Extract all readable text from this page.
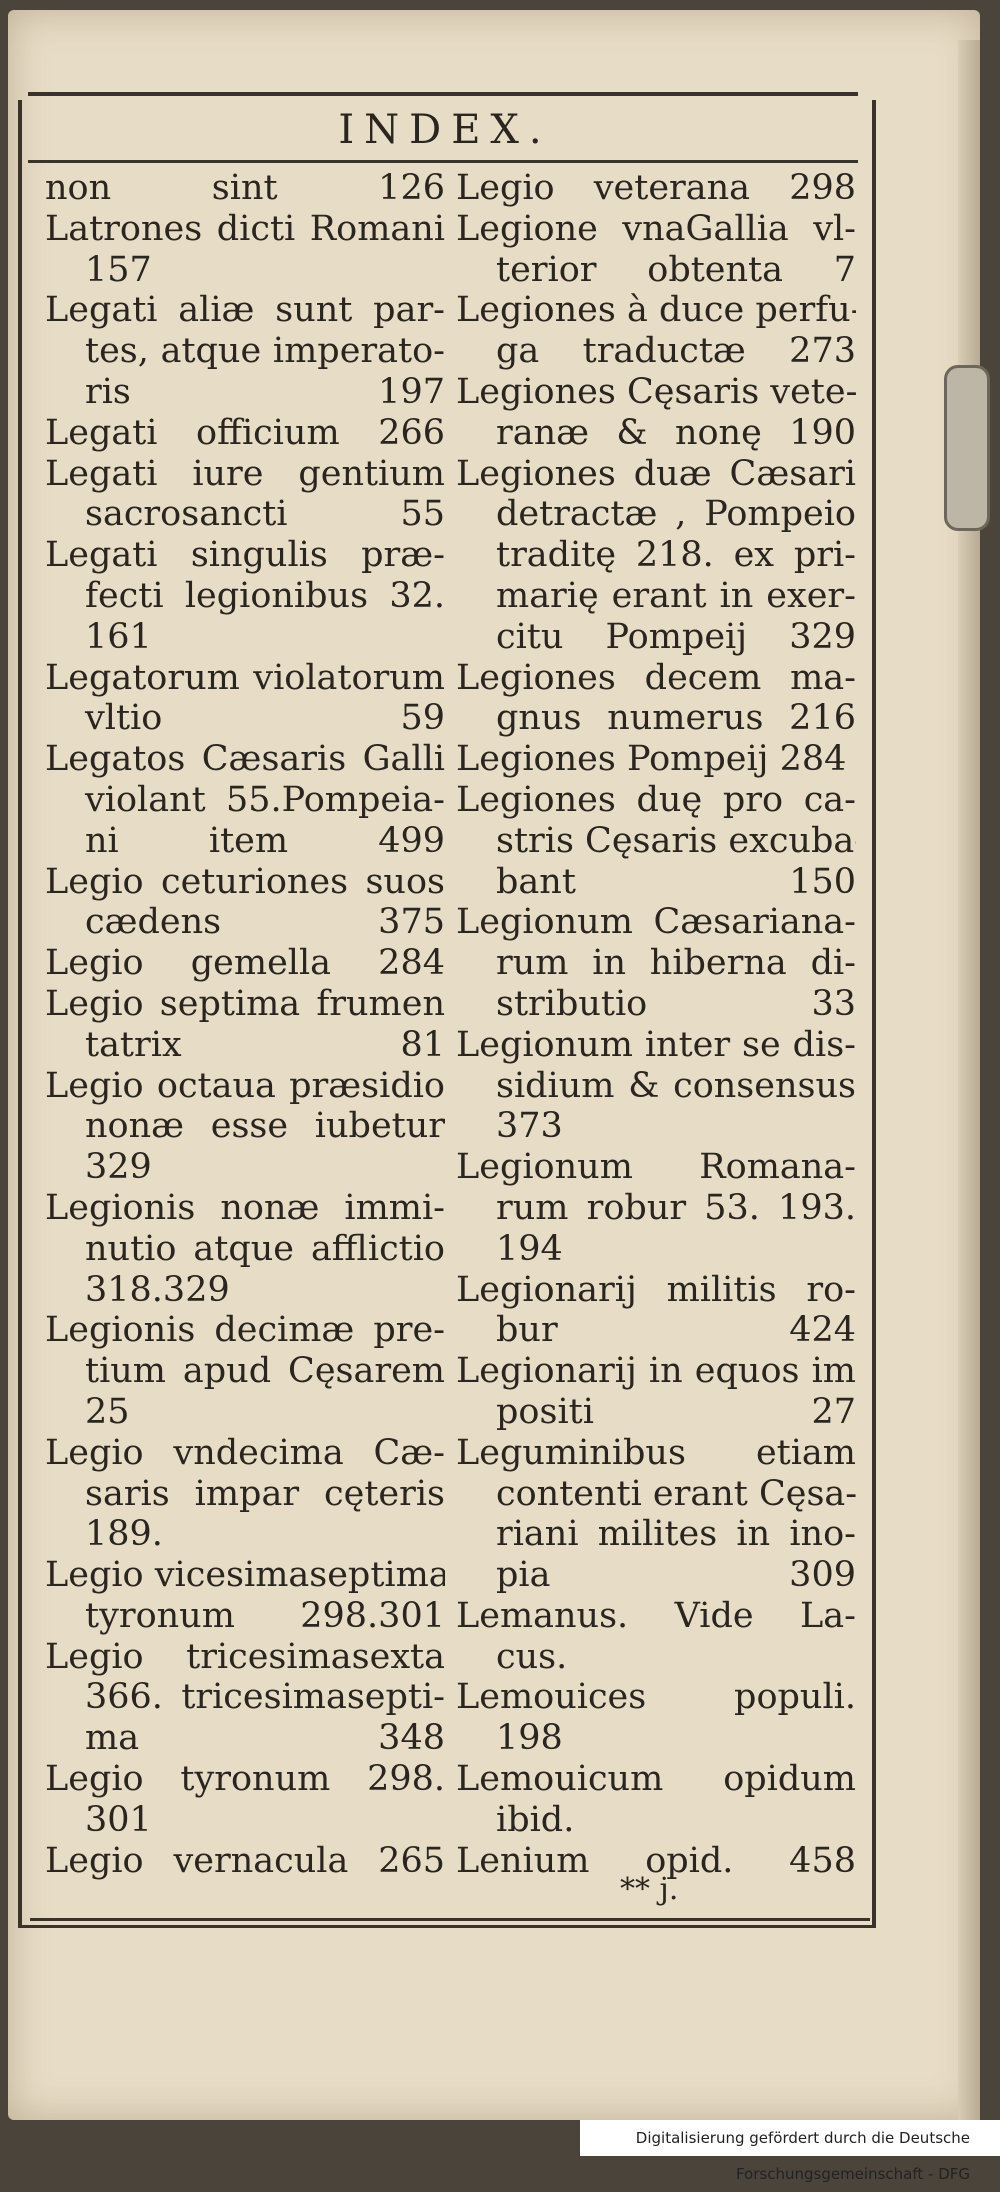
INDEX.
non sint 126
Latrones dicti Romani
157
Legati aliæ sunt par-
tes, atque imperato-
ris 197
Legati officium 266
Legati iure gentium
sacrosancti 55
Legati singulis præ-
fecti legionibus 32.
161
Legatorum violatorum
vltio 59
Legatos Cæsaris Galli
violant 55.Pompeia-
ni item 499
Legio ceturiones suos
cædens 375
Legio gemella 284
Legio septima frumen
tatrix 81
Legio octaua præsidio
nonæ esse iubetur
329
Legionis nonæ immi-
nutio atque afflictio
318.329
Legionis decimæ pre-
tium apud Cęsarem
25
Legio vndecima Cæ-
saris impar cęteris
189.
Legio vicesimaseptima
tyronum 298.301
Legio tricesimasexta
366. tricesimasepti-
ma 348
Legio tyronum 298.
301
Legio vernacula 265
Legio veterana 298
Legione vnaGallia vl-
terior obtenta 7
Legiones à duce perfu-
ga traductæ 273
Legiones Cęsaris vete-
ranæ & nonę 190
Legiones duæ Cæsari
detractæ , Pompeio
traditę 218. ex pri-
marię erant in exer-
citu Pompeij 329
Legiones decem ma-
gnus numerus 216
Legiones Pompeij 284
Legiones duę pro ca-
stris Cęsaris excuba-
bant 150
Legionum Cæsariana-
rum in hiberna di-
stributio 33
Legionum inter se dis-
sidium & consensus
373
Legionum Romana-
rum robur 53. 193.
194
Legionarij militis ro-
bur 424
Legionarij in equos im
positi 27
Leguminibus etiam
contenti erant Cęsa-
riani milites in ino-
pia 309
Lemanus. Vide La-
cus.
Lemouices populi.
198
Lemouicum opidum
ibid.
Lenium opid. 458
** j.
Digitalisierung gefördert durch die Deutsche
